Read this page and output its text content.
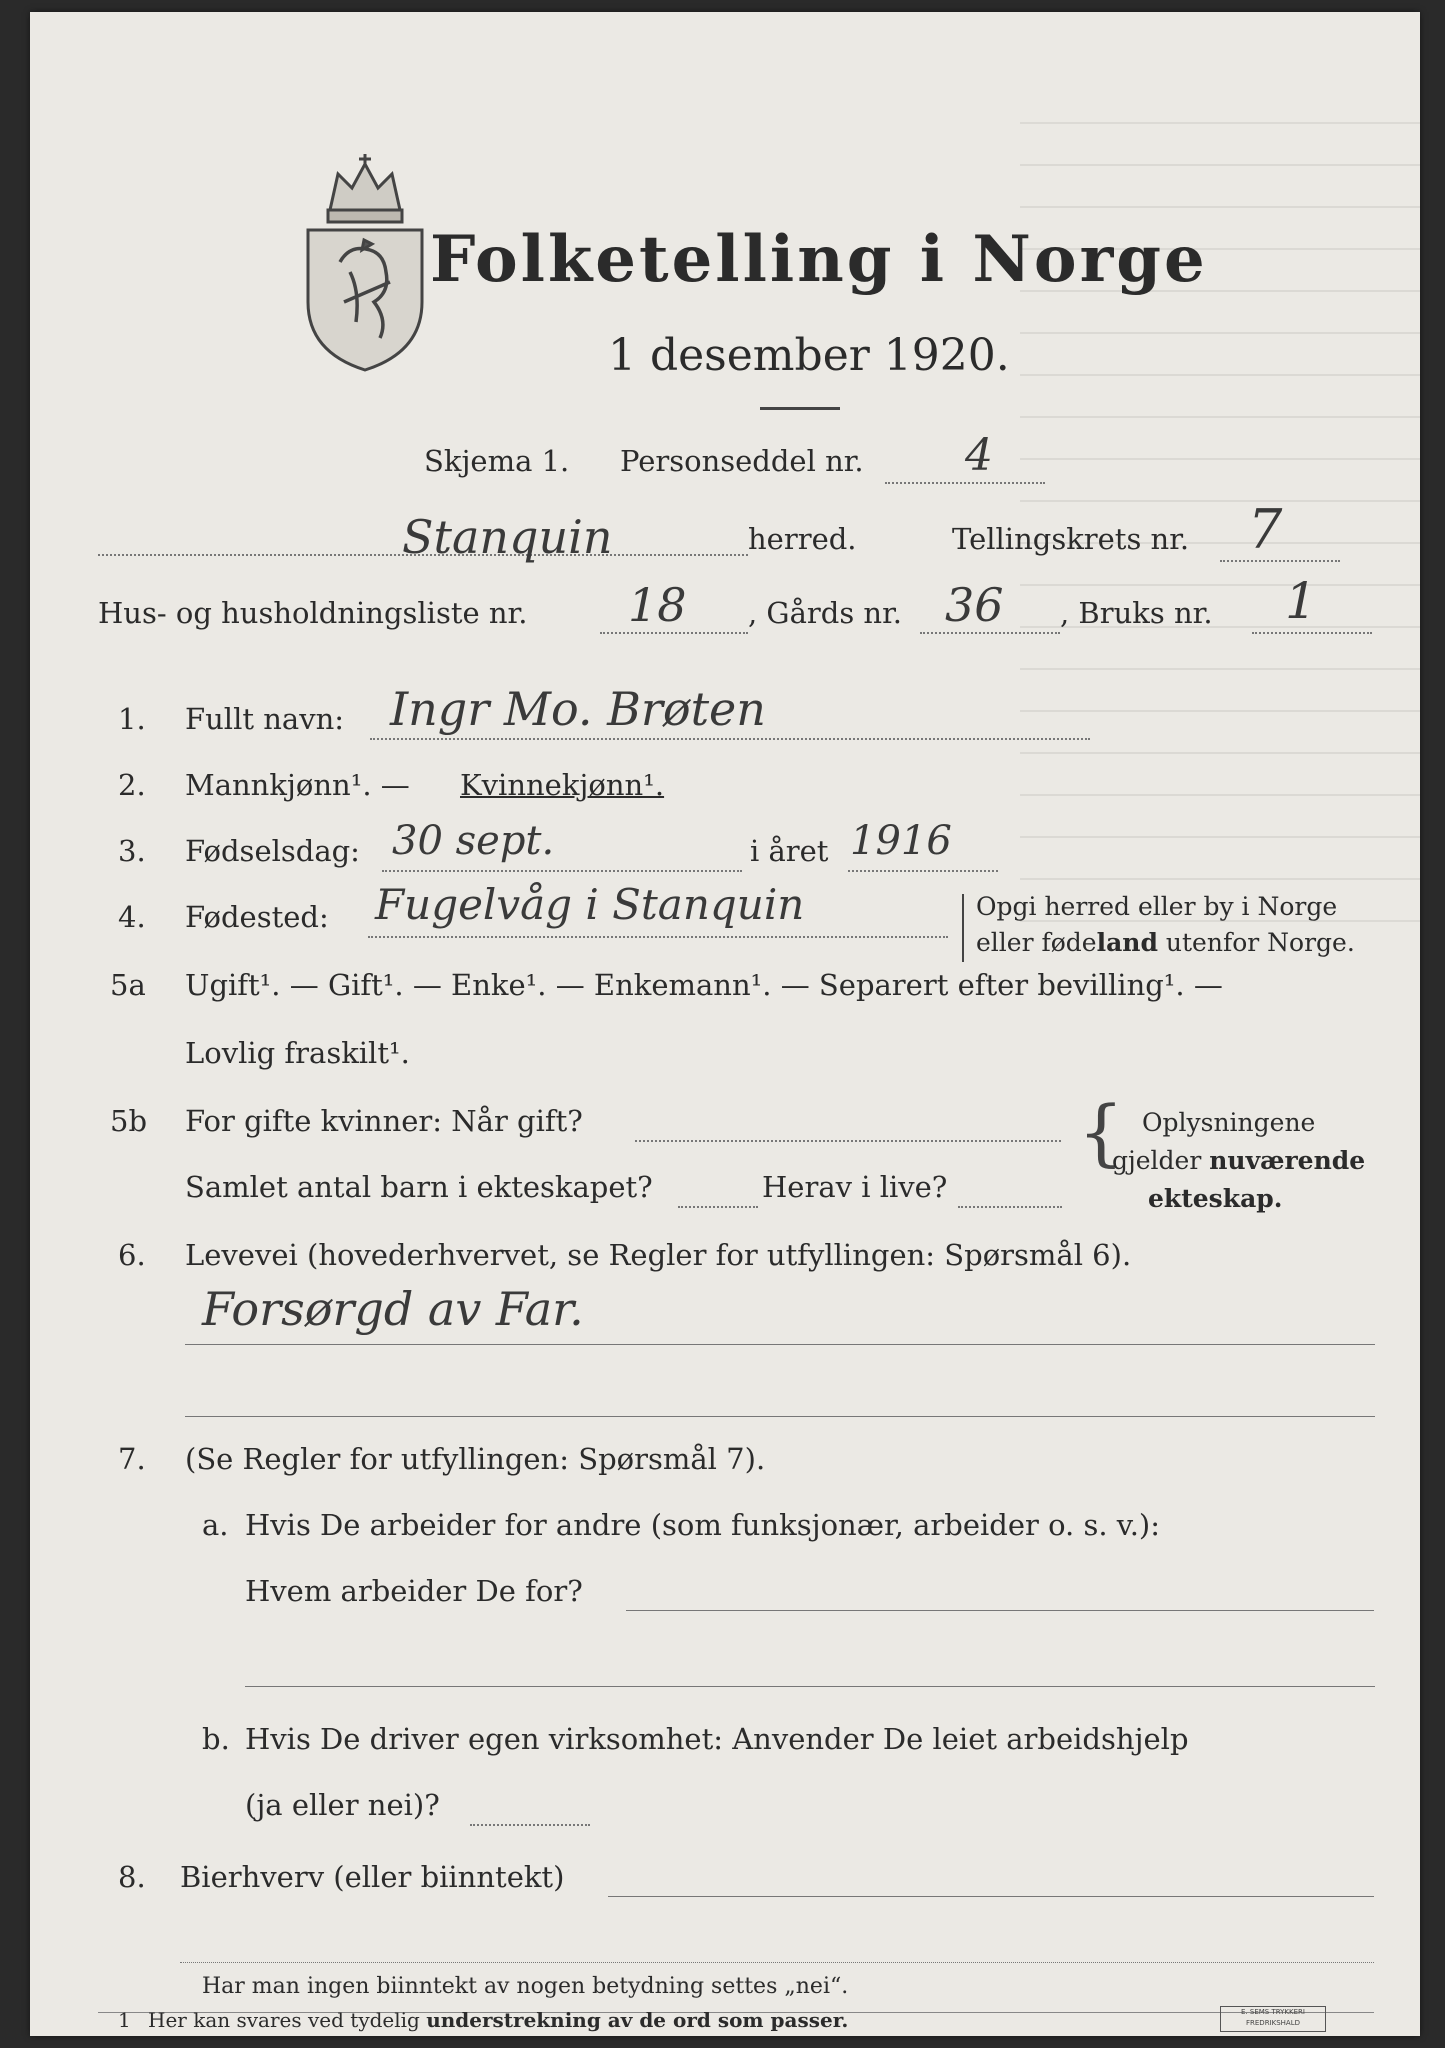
Folketelling i Norge
1 desember 1920.
Skjema 1. Personseddel nr. 4
Stanquin	herred.	Tellingskrets nr. 7
Hus- og husholdningsliste nr. 18 , Gårds nr. 36 , Bruks nr. 1
1. Fullt navn: Ingr Mo. Brøten
2. Mannkjønn¹. — Kvinnekjønn¹.
3. Fødselsdag: 30 sept.	i året 1916
4. Fødested: Fugelvåg i Stanquin	Opgi herred eller by i Norge
eller fødeland utenfor Norge.
5a Ugift¹. — Gift¹. — Enke¹. — Enkemann¹. — Separert efter bevilling¹. —
Lovlig fraskilt¹.
5b For gifte kvinner: Når gift?
Samlet antal barn i ekteskapet?	Herav i live?
{ Oplysningene
gjelder nuværende
ekteskap.
6. Levevei (hovederhvervet, se Regler for utfyllingen: Spørsmål 6).
Forsørgd av Far.
7. (Se Regler for utfyllingen: Spørsmål 7).
a. Hvis De arbeider for andre (som funksjonær, arbeider o. s. v.):
Hvem arbeider De for?
b. Hvis De driver egen virksomhet: Anvender De leiet arbeidshjelp
(ja eller nei)?
8. Bierhverv (eller biinntekt)
Har man ingen biinntekt av nogen betydning settes „nei“.
1 Her kan svares ved tydelig understrekning av de ord som passer.	E. SEMS TRYKKERI
FREDRIKSHALD
